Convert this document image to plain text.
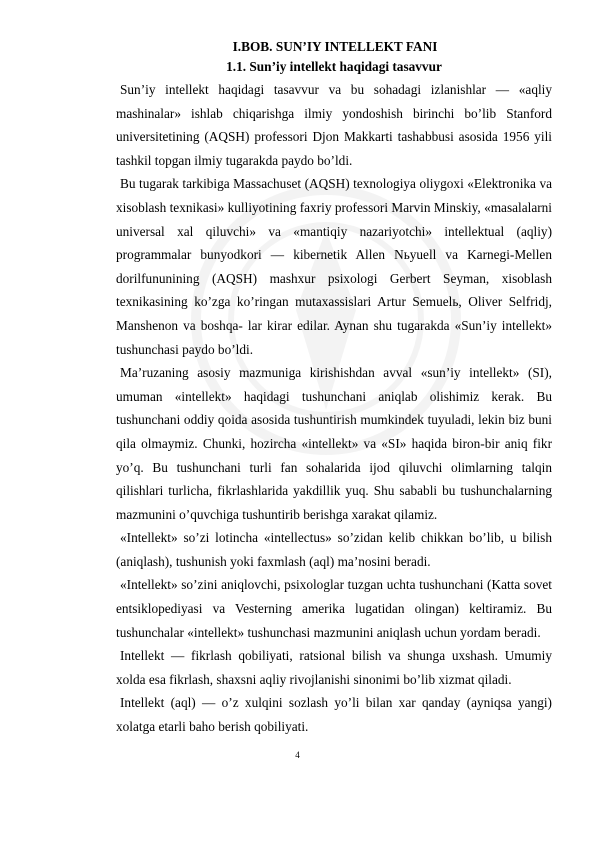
I.BOB. SUN’IY INTELLEKT FANI
1.1. Sun’iy intellekt haqidagi tasavvur

Sun’iy intellekt haqidagi tasavvur va bu sohadagi izlanishlar — «aqliy mashinalar» ishlab chiqarishga ilmiy yondoshish birinchi bo’lib Stanford universitetining (AQSH) professori Djon Makkarti tashabbusi asosida 1956 yili tashkil topgan ilmiy tugarakda paydo bo’ldi.

Bu tugarak tarkibiga Massachuset (AQSH) texnologiya oliygoxi «Elektronika va xisoblash texnikasi» kulliyotining faxriy professori Marvin Minskiy, «masalalarni universal xal qiluvchi» va «mantiqiy nazariyotchi» intellektual (aqliy) programmalar bunyodkori — kibernetik Allen Nьyuell va Karnegi-Mellen dorilfununining (AQSH) mashxur psixologi Gerbert Seyman, xisoblash texnikasining ko’zga ko’ringan mutaxassislari Artur Semuelь, Oliver Selfridj, Manshenon va boshqa- lar kirar edilar. Aynan shu tugarakda «Sun’iy intellekt» tushunchasi paydo bo’ldi.

Ma’ruzaning asosiy mazmuniga kirishishdan avval «sun’iy intellekt» (SI), umuman «intellekt» haqidagi tushunchani aniqlab olishimiz kerak. Bu tushunchani oddiy qoida asosida tushuntirish mumkindek tuyuladi, lekin biz buni qila olmaymiz. Chunki, hozircha «intellekt» va «SI» haqida biron-bir aniq fikr yo’q. Bu tushunchani turli fan sohalarida ijod qiluvchi olimlarning talqin qilishlari turlicha, fikrlashlarida yakdillik yuq. Shu sababli bu tushunchalarning mazmunini o’quvchiga tushuntirib berishga xarakat qilamiz.

«Intellekt» so’zi lotincha «intellectus» so’zidan kelib chikkan bo’lib, u bilish (aniqlash), tushunish yoki faxmlash (aql) ma’nosini beradi.

«Intellekt» so’zini aniqlovchi, psixologlar tuzgan uchta tushunchani (Katta sovet entsiklopediyasi va Vesterning amerika lugatidan olingan) keltiramiz. Bu tushunchalar «intellekt» tushunchasi mazmunini aniqlash uchun yordam beradi.

Intellekt — fikrlash qobiliyati, ratsional bilish va shunga uxshash. Umumiy xolda esa fikrlash, shaxsni aqliy rivojlanishi sinonimi bo’lib xizmat qiladi.

Intellekt (aql) — o’z xulqini sozlash yo’li bilan xar qanday (ayniqsa yangi) xolatga etarli baho berish qobiliyati.

4
